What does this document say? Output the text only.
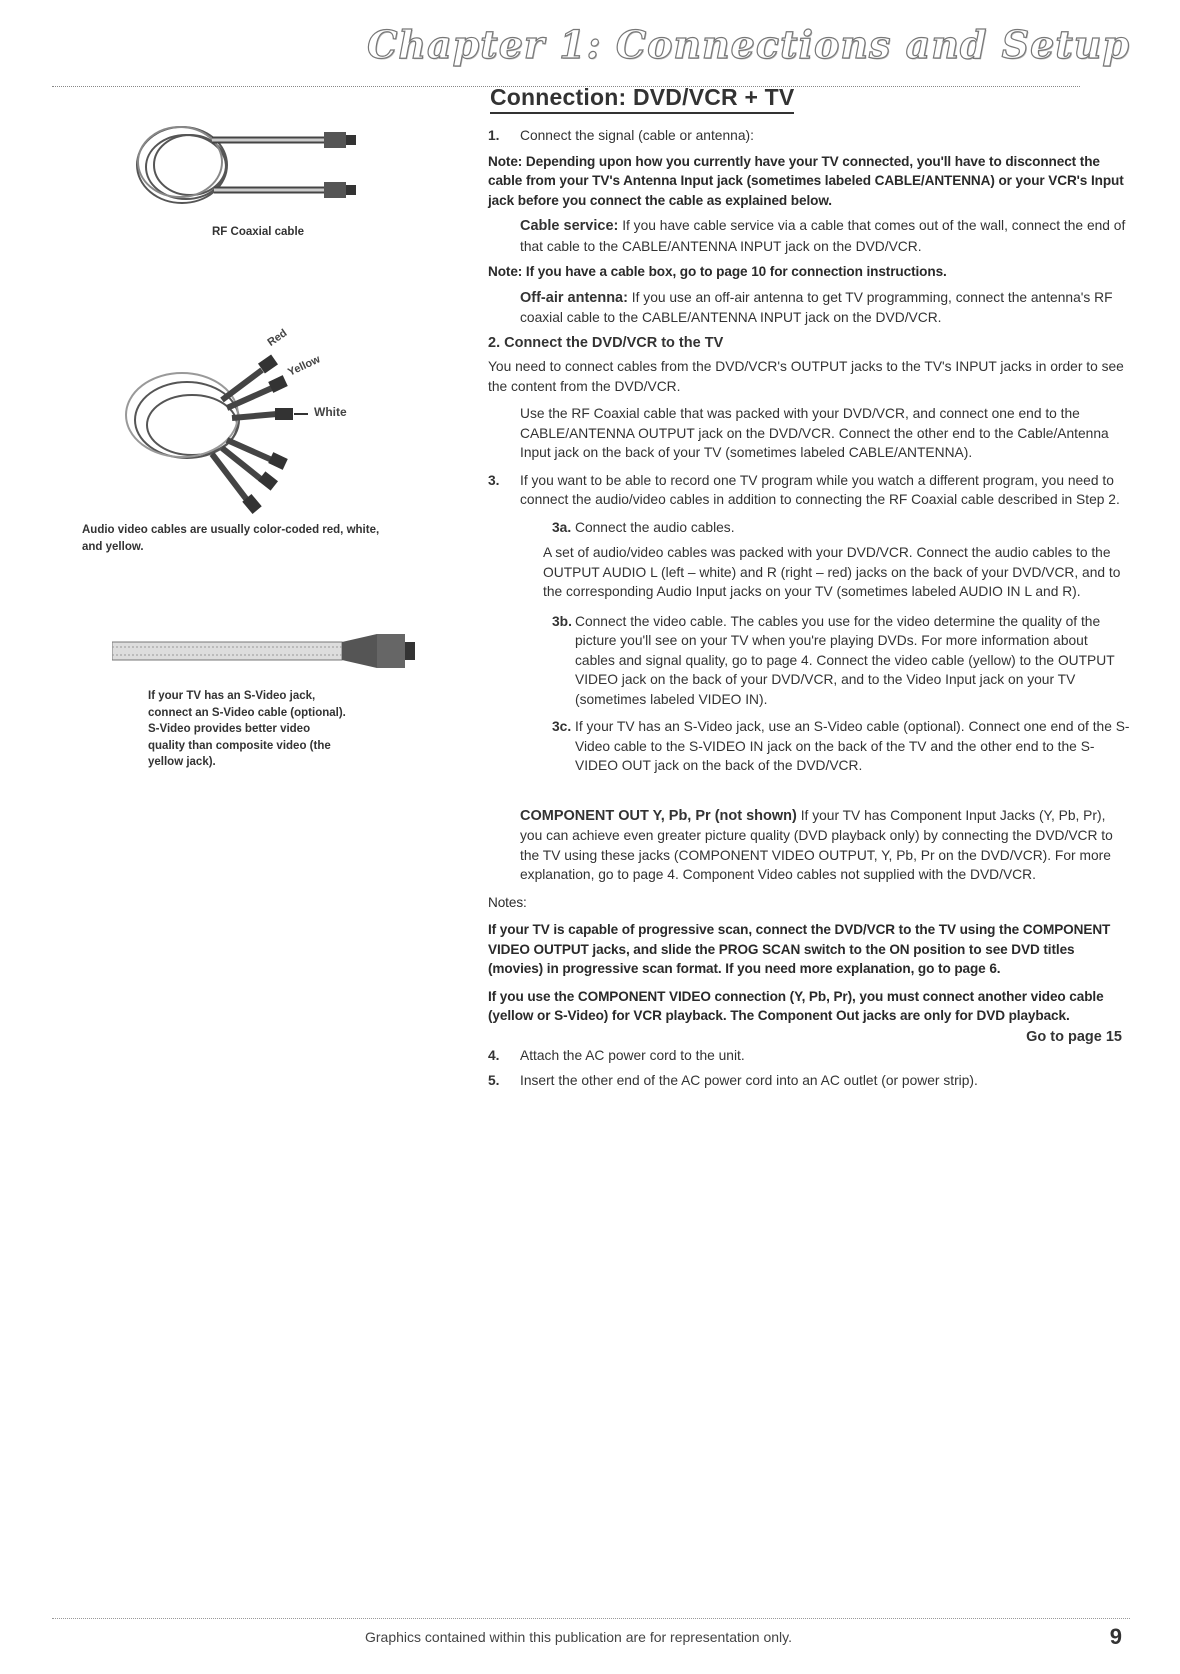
Chapter 1: Connections and Setup
Connection: DVD/VCR + TV
RF Coaxial cable
Red
Yellow
White
Audio video cables are usually color-coded red, white, and yellow.
If your TV has an S-Video jack, connect an S-Video cable (optional). S-Video provides better video quality than composite video (the yellow jack).

1. Connect the signal (cable or antenna):

Note: Depending upon how you currently have your TV connected, you'll have to disconnect the cable from your TV's Antenna Input jack (sometimes labeled CABLE/ANTENNA) or your VCR's Input jack before you connect the cable as explained below.

Cable service: If you have cable service via a cable that comes out of the wall, connect the end of that cable to the CABLE/ANTENNA INPUT jack on the DVD/VCR.

Note: If you have a cable box, go to page 10 for connection instructions.

Off-air antenna: If you use an off-air antenna to get TV programming, connect the antenna's RF coaxial cable to the CABLE/ANTENNA INPUT jack on the DVD/VCR.

2. Connect the DVD/VCR to the TV

You need to connect cables from the DVD/VCR's OUTPUT jacks to the TV's INPUT jacks in order to see the content from the DVD/VCR.

Use the RF Coaxial cable that was packed with your DVD/VCR, and connect one end to the CABLE/ANTENNA OUTPUT jack on the DVD/VCR. Connect the other end to the Cable/Antenna Input jack on the back of your TV (sometimes labeled CABLE/ANTENNA).

3. If you want to be able to record one TV program while you watch a different program, you need to connect the audio/video cables in addition to connecting the RF Coaxial cable described in Step 2.

3a. Connect the audio cables.

A set of audio/video cables was packed with your DVD/VCR. Connect the audio cables to the OUTPUT AUDIO L (left – white) and R (right – red) jacks on the back of your DVD/VCR, and to the corresponding Audio Input jacks on your TV (sometimes labeled AUDIO IN L and R).

3b. Connect the video cable. The cables you use for the video determine the quality of the picture you'll see on your TV when you're playing DVDs. For more information about cables and signal quality, go to page 4. Connect the video cable (yellow) to the OUTPUT VIDEO jack on the back of your DVD/VCR, and to the Video Input jack on your TV (sometimes labeled VIDEO IN).

3c. If your TV has an S-Video jack, use an S-Video cable (optional). Connect one end of the S-Video cable to the S-VIDEO IN jack on the back of the TV and the other end to the S-VIDEO OUT jack on the back of the DVD/VCR.

COMPONENT OUT Y, Pb, Pr (not shown) If your TV has Component Input Jacks (Y, Pb, Pr), you can achieve even greater picture quality (DVD playback only) by connecting the DVD/VCR to the TV using these jacks (COMPONENT VIDEO OUTPUT, Y, Pb, Pr on the DVD/VCR). For more explanation, go to page 4. Component Video cables not supplied with the DVD/VCR.

Notes:

If your TV is capable of progressive scan, connect the DVD/VCR to the TV using the COMPONENT VIDEO OUTPUT jacks, and slide the PROG SCAN switch to the ON position to see DVD titles (movies) in progressive scan format. If you need more explanation, go to page 6.

If you use the COMPONENT VIDEO connection (Y, Pb, Pr), you must connect another video cable (yellow or S-Video) for VCR playback. The Component Out jacks are only for DVD playback.

4. Attach the AC power cord to the unit.

5. Insert the other end of the AC power cord into an AC outlet (or power strip).

Go to page 15
Graphics contained within this publication are for representation only.	9
